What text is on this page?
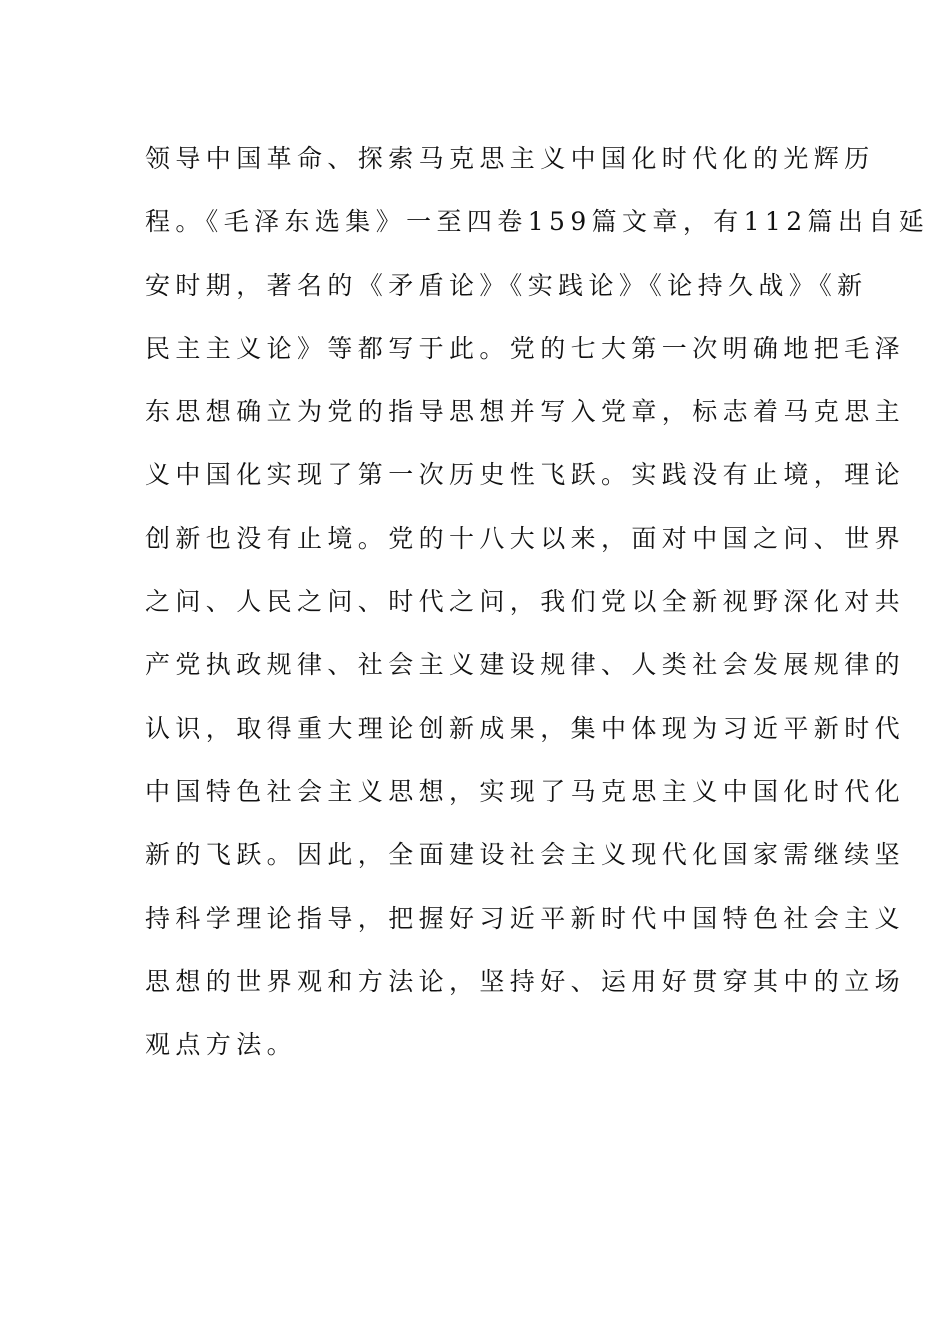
领导中国革命、探索马克思主义中国化时代化的光辉历
程。《毛泽东选集》一至四卷159篇文章，有112篇出自延
安时期，著名的《矛盾论》《实践论》《论持久战》《新
民主主义论》等都写于此。党的七大第一次明确地把毛泽
东思想确立为党的指导思想并写入党章，标志着马克思主
义中国化实现了第一次历史性飞跃。实践没有止境，理论
创新也没有止境。党的十八大以来，面对中国之问、世界
之问、人民之问、时代之问，我们党以全新视野深化对共
产党执政规律、社会主义建设规律、人类社会发展规律的
认识，取得重大理论创新成果，集中体现为习近平新时代
中国特色社会主义思想，实现了马克思主义中国化时代化
新的飞跃。因此，全面建设社会主义现代化国家需继续坚
持科学理论指导，把握好习近平新时代中国特色社会主义
思想的世界观和方法论，坚持好、运用好贯穿其中的立场
观点方法。
